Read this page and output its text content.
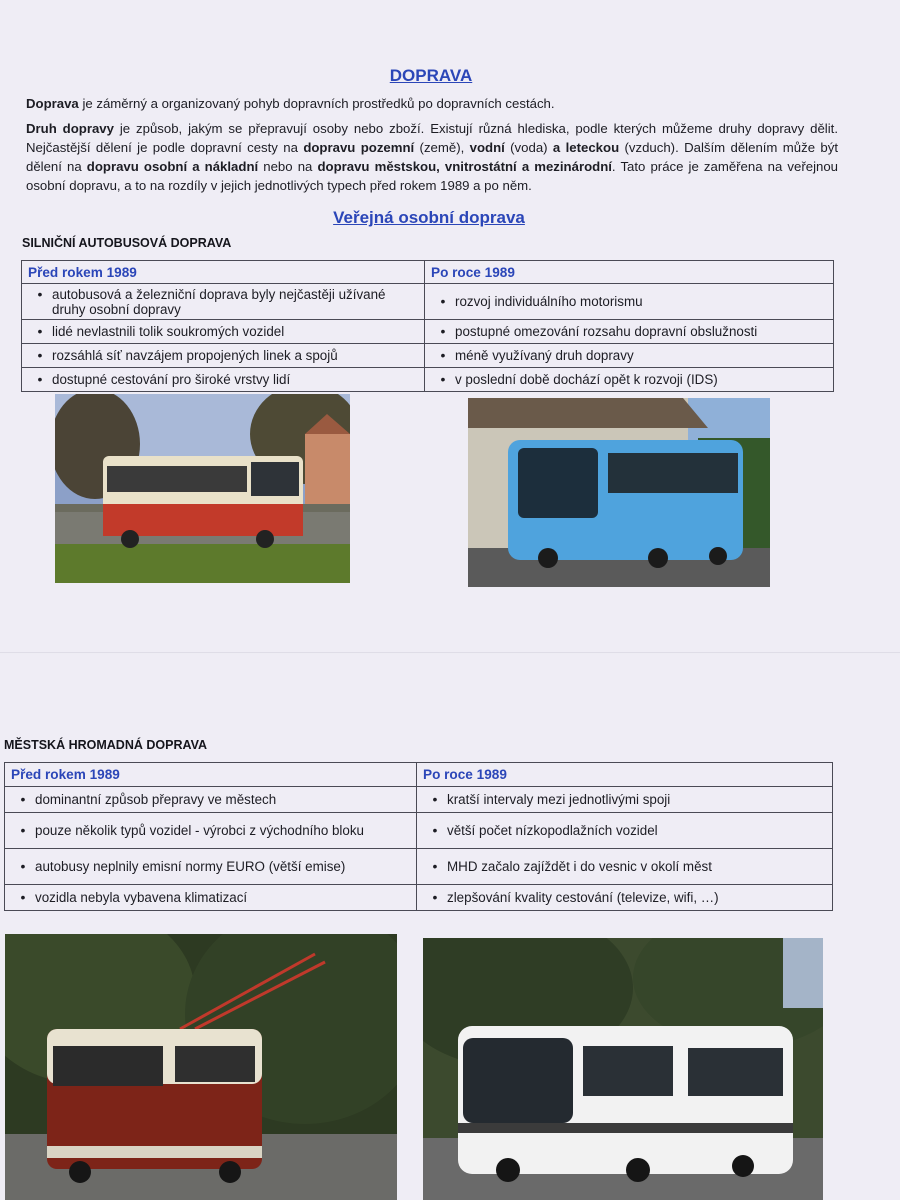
DOPRAVA

Doprava je záměrný a organizovaný pohyb dopravních prostředků po dopravních cestách.

Druh dopravy je způsob, jakým se přepravují osoby nebo zboží. Existují různá hlediska, podle kterých můžeme druhy dopravy dělit. Nejčastější dělení je podle dopravní cesty na dopravu pozemní (země), vodní (voda) a leteckou (vzduch). Dalším dělením může být dělení na dopravu osobní a nákladní nebo na dopravu městskou, vnitrostátní a mezinárodní. Tato práce je zaměřena na veřejnou osobní dopravu, a to na rozdíly v jejich jednotlivých typech před rokem 1989 a po něm.

Veřejná osobní doprava
SILNIČNÍ AUTOBUSOVÁ DOPRAVA
Před rokem 1989	Po roce 1989

• autobusová a železniční doprava byly nejčastěji užívané druhy osobní dopravy	• rozvoj individuálního motorismu

• lidé nevlastnili tolik soukromých vozidel	• postupné omezování rozsahu dopravní obslužnosti

• rozsáhlá síť navzájem propojených linek a spojů	• méně využívaný druh dopravy

• dostupné cestování pro široké vrstvy lidí	• v poslední době dochází opět k rozvoji (IDS)
MĚSTSKÁ HROMADNÁ DOPRAVA
Před rokem 1989	Po roce 1989

• dominantní způsob přepravy ve městech	• kratší intervaly mezi jednotlivými spoji

• pouze několik typů vozidel - výrobci z východního bloku	• větší počet nízkopodlažních vozidel

• autobusy neplnily emisní normy EURO (větší emise)	• MHD začalo zajíždět i do vesnic v okolí měst

• vozidla nebyla vybavena klimatizací	• zlepšování kvality cestování (televize, wifi, …)
